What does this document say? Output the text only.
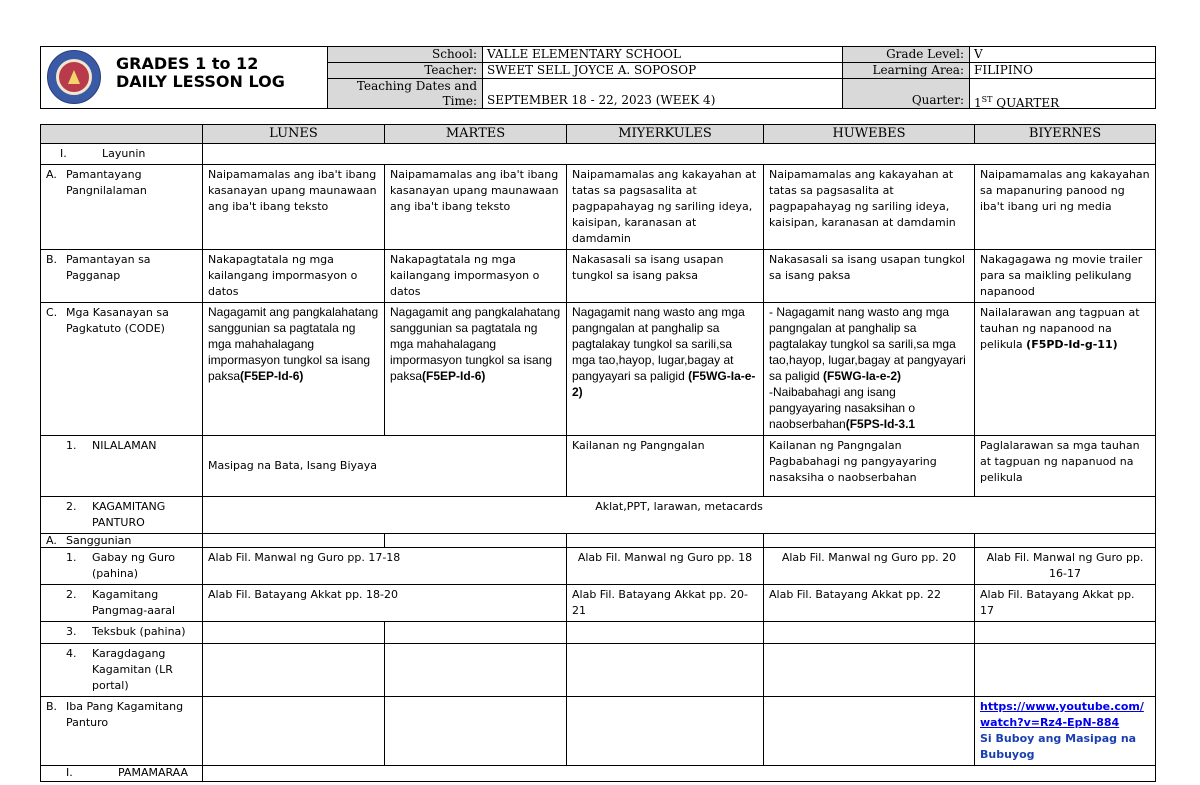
GRADES 1 to 12
DAILY LESSON LOG
School: VALLE ELEMENTARY SCHOOL	Grade Level: V
Teacher: SWEET SELL JOYCE A. SOPOSOP	Learning Area: FILIPINO
Teaching Dates and
Time: SEPTEMBER 18 - 22, 2023 (WEEK 4)	Quarter: 1ST QUARTER
	LUNES	MARTES	MIYERKULES	HUWEBES	BIYERNES

I. Layunin					

A. Pamantayang Pangnilalaman	Naipamamalas ang iba't ibang kasanayan upang maunawaan ang iba't ibang teksto	Naipamamalas ang iba't ibang kasanayan upang maunawaan ang iba't ibang teksto	Naipamamalas ang kakayahan at tatas sa pagsasalita at pagpapahayag ng sariling ideya, kaisipan, karanasan at damdamin	Naipamamalas ang kakayahan at tatas sa pagsasalita at pagpapahayag ng sariling ideya, kaisipan, karanasan at damdamin	Naipamamalas ang kakayahan sa mapanuring panood ng iba't ibang uri ng media

B. Pamantayan sa Pagganap	Nakapagtatala ng mga kailangang impormasyon o datos	Nakapagtatala ng mga kailangang impormasyon o datos	Nakasasali sa isang usapan tungkol sa isang paksa	Nakasasali sa isang usapan tungkol sa isang paksa	Nakagagawa ng movie trailer para sa maikling pelikulang napanood

C. Mga Kasanayan sa Pagkatuto (CODE)	Nagagamit ang pangkalahatang sanggunian sa pagtatala ng mga mahahalagang impormasyon tungkol sa isang paksa(F5EP-Id-6)	Nagagamit ang pangkalahatang sanggunian sa pagtatala ng mga mahahalagang impormasyon tungkol sa isang paksa(F5EP-Id-6)	Nagagamit nang wasto ang mga pangngalan at panghalip sa pagtalakay tungkol sa sarili,sa mga tao,hayop, lugar,bagay at pangyayari sa paligid (F5WG-Ia-e-2)	- Nagagamit nang wasto ang mga pangngalan at panghalip sa pagtalakay tungkol sa sarili,sa mga tao,hayop, lugar,bagay at pangyayari sa paligid (F5WG-Ia-e-2)
-Naibabahagi ang isang pangyayaring nasaksihan o naobserbahan(F5PS-Id-3.1	Nailalarawan ang tagpuan at tauhan ng napanood na pelikula (F5PD-Id-g-11)

1. NILALAMAN	Masipag na Bata, Isang Biyaya		Kailanan ng Pangngalan	Kailanan ng Pangngalan Pagbabahagi ng pangyayaring nasaksiha o naobserbahan	Paglalarawan sa mga tauhan at tagpuan ng napanuod na pelikula

2. KAGAMITANG PANTURO	Aklat,PPT, larawan, metacards				

A. Sanggunian					

1. Gabay ng Guro (pahina)	Alab Fil. Manwal ng Guro pp. 17-18		Alab Fil. Manwal ng Guro pp. 18	Alab Fil. Manwal ng Guro pp. 20	Alab Fil. Manwal ng Guro pp. 16-17

2. Kagamitang Pangmag-aaral	Alab Fil. Batayang Akkat pp. 18-20		Alab Fil. Batayang Akkat pp. 20-21	Alab Fil. Batayang Akkat pp. 22	Alab Fil. Batayang Akkat pp. 17

3. Teksbuk (pahina)					

4. Karagdagang Kagamitan (LR portal)					

B. Iba Pang Kagamitang Panturo					https://www.youtube.com/watch?v=Rz4-EpN-884
Si Buboy ang Masipag na Bubuyog

I. PAMAMARAA					
